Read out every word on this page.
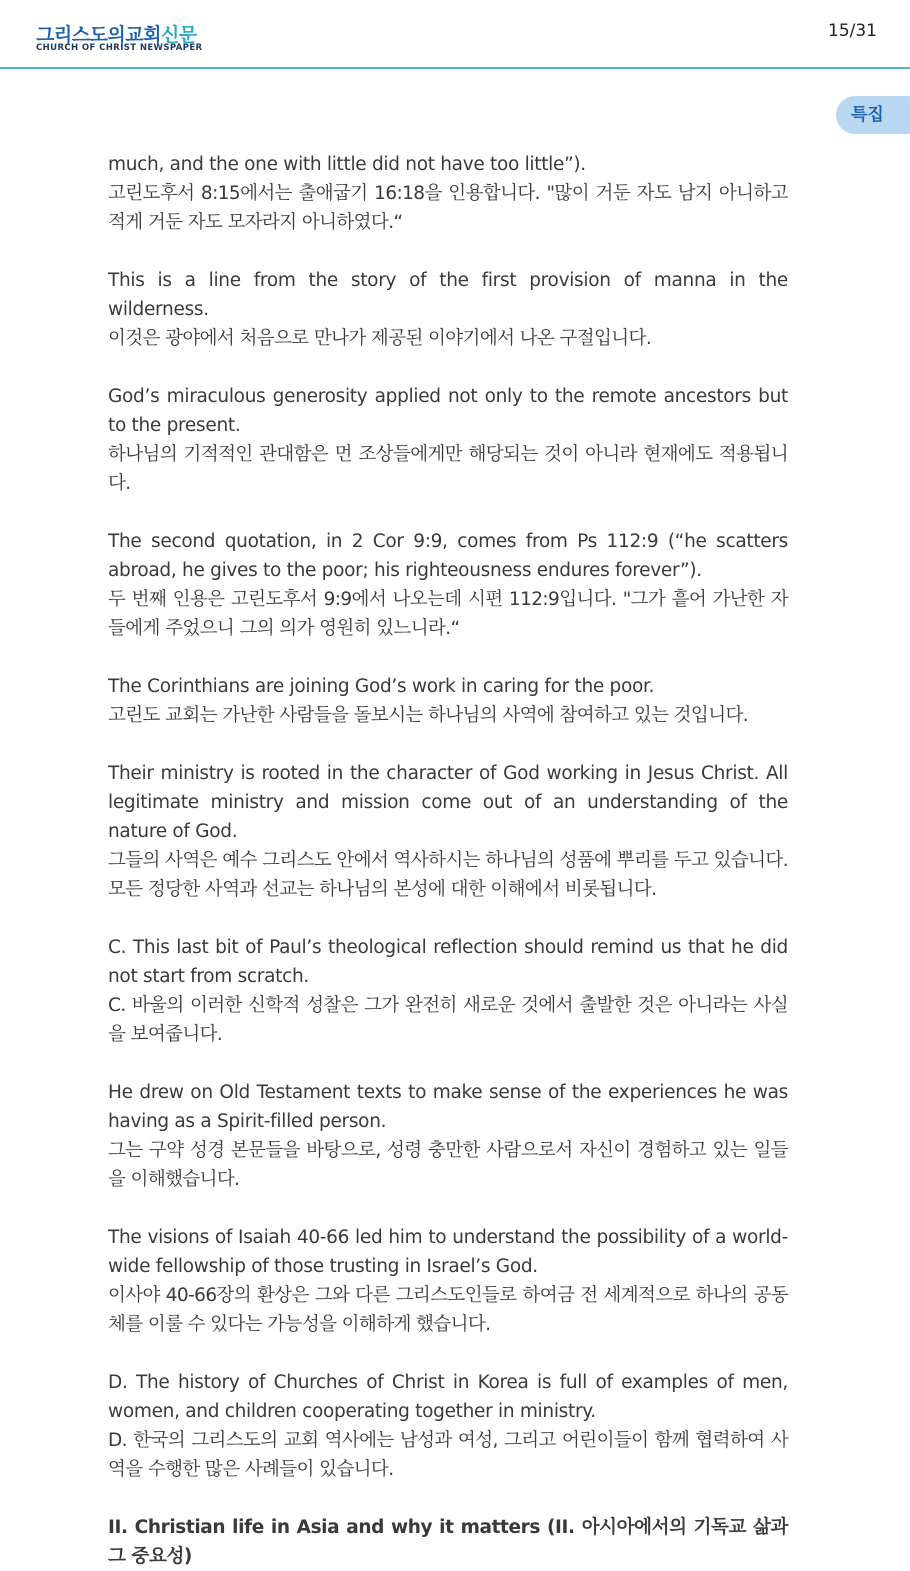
그리스도의교회신문
CHURCH OF CHRIST NEWSPAPER
15/31
특집

much, and the one with little did not have too little”).

고린도후서 8:15에서는 출애굽기 16:18을 인용합니다. "많이 거둔 자도 남지 아니하고 적게 거둔 자도 모자라지 아니하였다.“

This is a line from the story of the first provision of manna in the wilderness.

이것은 광야에서 처음으로 만나가 제공된 이야기에서 나온 구절입니다.

God’s miraculous generosity applied not only to the remote ancestors but to the present.

하나님의 기적적인 관대함은 먼 조상들에게만 해당되는 것이 아니라 현재에도 적용됩니다.

The second quotation, in 2 Cor 9:9, comes from Ps 112:9 (“he scatters abroad, he gives to the poor; his righteousness endures forever”).

두 번째 인용은 고린도후서 9:9에서 나오는데 시편 112:9입니다. "그가 흩어 가난한 자들에게 주었으니 그의 의가 영원히 있느니라.“

The Corinthians are joining God’s work in caring for the poor.

고린도 교회는 가난한 사람들을 돌보시는 하나님의 사역에 참여하고 있는 것입니다.

Their ministry is rooted in the character of God working in Jesus Christ. All legitimate ministry and mission come out of an understanding of the nature of God.

그들의 사역은 예수 그리스도 안에서 역사하시는 하나님의 성품에 뿌리를 두고 있습니다. 모든 정당한 사역과 선교는 하나님의 본성에 대한 이해에서 비롯됩니다.

C. This last bit of Paul’s theological reflection should remind us that he did not start from scratch.

C. 바울의 이러한 신학적 성찰은 그가 완전히 새로운 것에서 출발한 것은 아니라는 사실을 보여줍니다.

He drew on Old Testament texts to make sense of the experiences he was having as a Spirit-filled person.

그는 구약 성경 본문들을 바탕으로, 성령 충만한 사람으로서 자신이 경험하고 있는 일들을 이해했습니다.

The visions of Isaiah 40-66 led him to understand the possibility of a world-wide fellowship of those trusting in Israel’s God.

이사야 40-66장의 환상은 그와 다른 그리스도인들로 하여금 전 세계적으로 하나의 공동체를 이룰 수 있다는 가능성을 이해하게 했습니다.

D. The history of Churches of Christ in Korea is full of examples of men, women, and children cooperating together in ministry.

D. 한국의 그리스도의 교회 역사에는 남성과 여성, 그리고 어린이들이 함께 협력하여 사역을 수행한 많은 사례들이 있습니다.

II. Christian life in Asia and why it matters (II. 아시아에서의 기독교 삶과 그 중요성)
